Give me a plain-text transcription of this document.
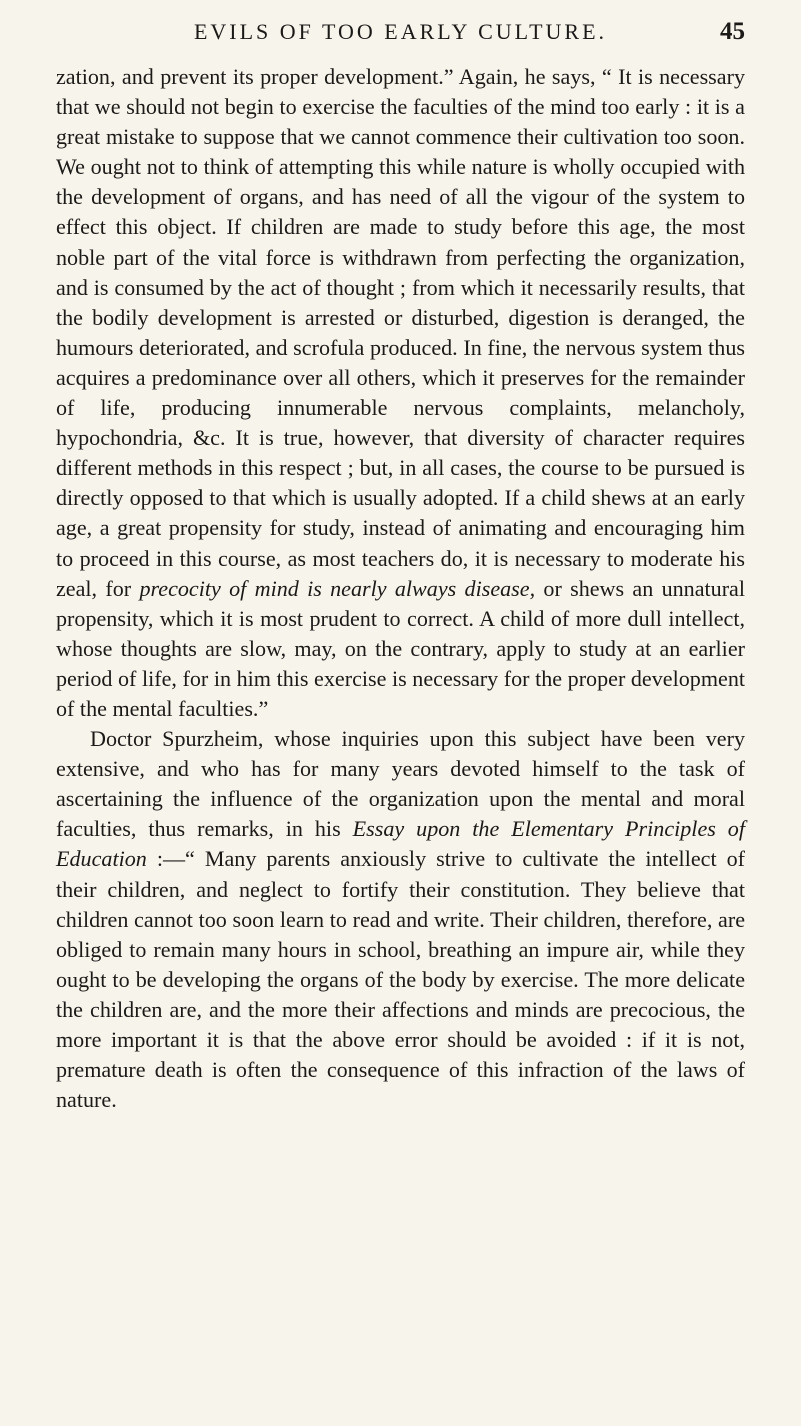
EVILS OF TOO EARLY CULTURE.	45

zation, and prevent its proper development.” Again, he says, “ It is necessary that we should not begin to exercise the faculties of the mind too early : it is a great mistake to suppose that we cannot commence their cultivation too soon. We ought not to think of attempting this while nature is wholly occupied with the development of organs, and has need of all the vigour of the system to effect this object. If children are made to study before this age, the most noble part of the vital force is withdrawn from perfecting the organization, and is consumed by the act of thought ; from which it necessarily results, that the bodily development is arrested or disturbed, digestion is deranged, the humours deteriorated, and scrofula produced. In fine, the nervous system thus acquires a predominance over all others, which it preserves for the remainder of life, producing innumerable nervous complaints, melancholy, hypochondria, &c. It is true, however, that diversity of character requires different methods in this respect ; but, in all cases, the course to be pursued is directly opposed to that which is usually adopted. If a child shews at an early age, a great propensity for study, instead of animating and encouraging him to proceed in this course, as most teachers do, it is necessary to moderate his zeal, for precocity of mind is nearly always disease, or shews an unnatural propensity, which it is most prudent to correct. A child of more dull intellect, whose thoughts are slow, may, on the contrary, apply to study at an earlier period of life, for in him this exercise is necessary for the proper development of the mental faculties.”

Doctor Spurzheim, whose inquiries upon this subject have been very extensive, and who has for many years devoted himself to the task of ascertaining the influence of the organization upon the mental and moral faculties, thus remarks, in his Essay upon the Elementary Principles of Education :—“ Many parents anxiously strive to cultivate the intellect of their children, and neglect to fortify their constitution. They believe that children cannot too soon learn to read and write. Their children, therefore, are obliged to remain many hours in school, breathing an impure air, while they ought to be developing the organs of the body by exercise. The more delicate the children are, and the more their affections and minds are precocious, the more important it is that the above error should be avoided : if it is not, premature death is often the consequence of this infraction of the laws of nature.
